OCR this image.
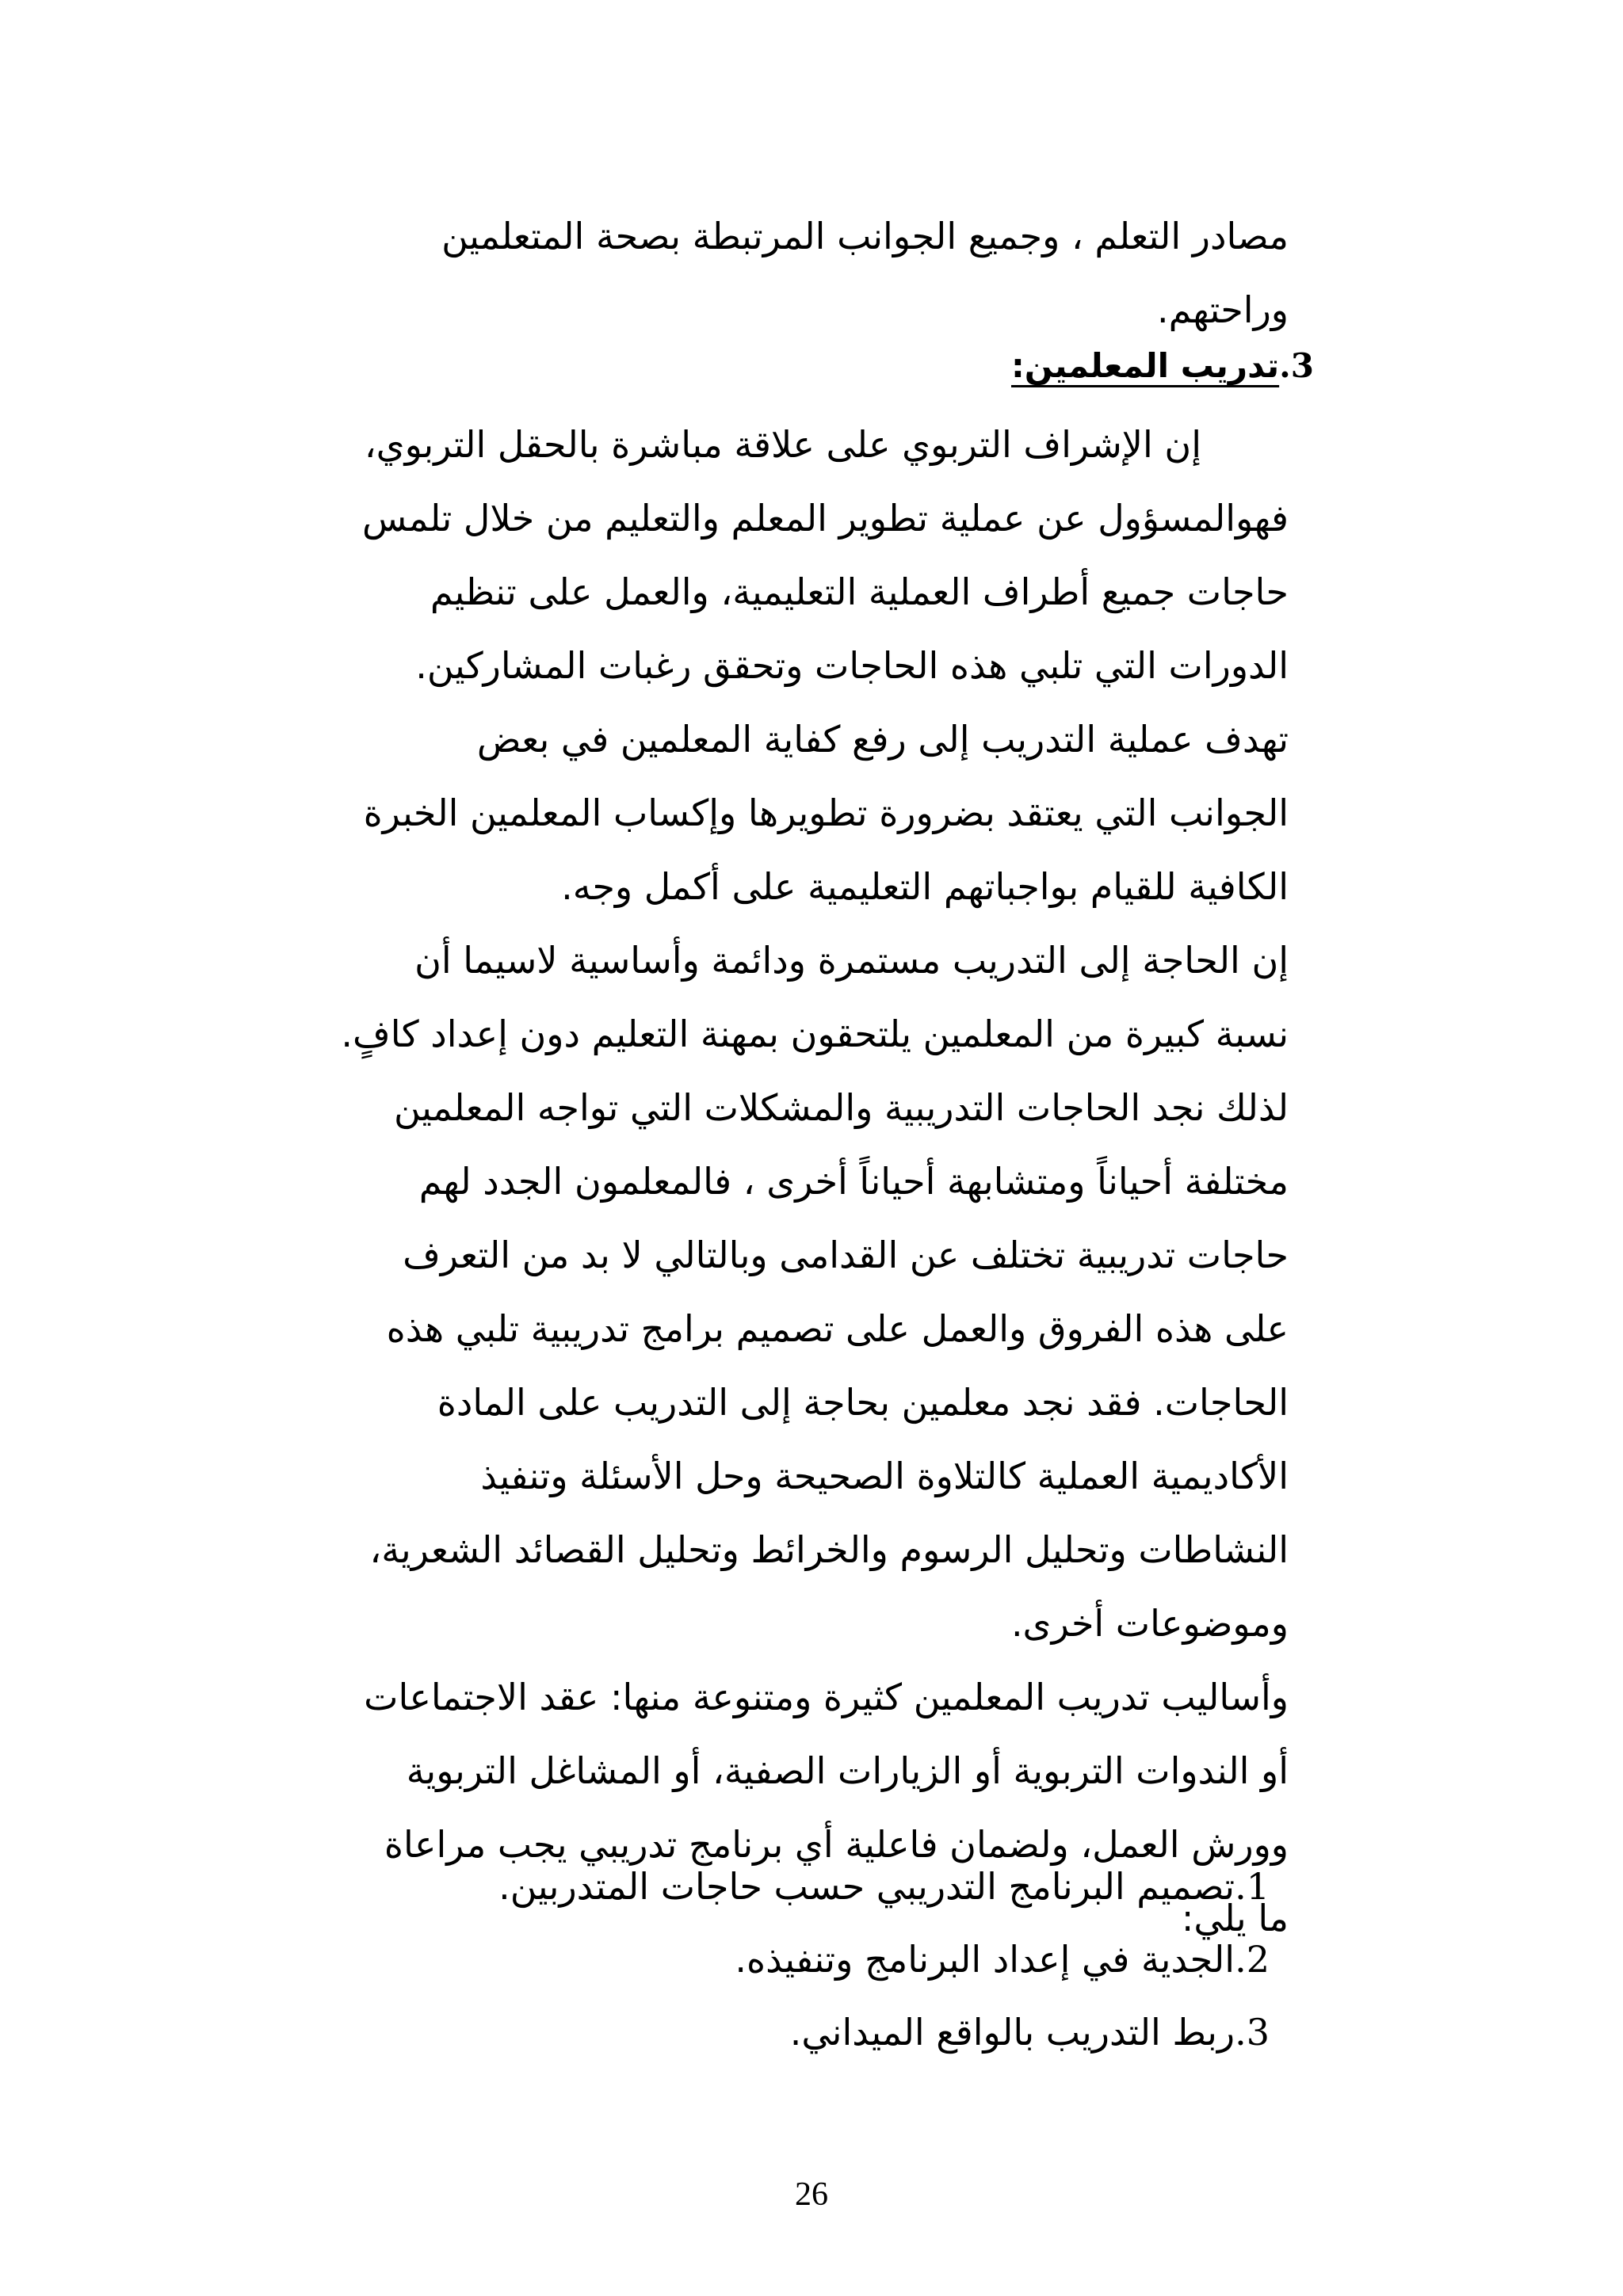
مصادر التعلم ، وجميع الجوانب المرتبطة بصحة المتعلمين
وراحتهم.
3.تدريب المعلمين:
إن الإشراف التربوي على علاقة مباشرة بالحقل التربوي،
فهوالمسؤول عن عملية تطوير المعلم والتعليم من خلال تلمس
حاجات جميع أطراف العملية التعليمية، والعمل على تنظيم
الدورات التي تلبي هذه الحاجات وتحقق رغبات المشاركين.
تهدف عملية التدريب إلى رفع كفاية المعلمين في بعض
الجوانب التي يعتقد بضرورة تطويرها وإكساب المعلمين الخبرة
الكافية للقيام بواجباتهم التعليمية على أكمل وجه.
إن الحاجة إلى التدريب مستمرة ودائمة وأساسية لاسيما أن
نسبة كبيرة من المعلمين يلتحقون بمهنة التعليم دون إعداد كافٍ.
لذلك نجد الحاجات التدريبية والمشكلات التي تواجه المعلمين
مختلفة أحياناً ومتشابهة أحياناً أخرى ، فالمعلمون الجدد لهم
حاجات تدريبية تختلف عن القدامى وبالتالي لا بد من التعرف
على هذه الفروق والعمل على تصميم برامج تدريبية تلبي هذه
الحاجات. فقد نجد معلمين بحاجة إلى التدريب على المادة
الأكاديمية العملية كالتلاوة الصحيحة وحل الأسئلة وتنفيذ
النشاطات وتحليل الرسوم والخرائط وتحليل القصائد الشعرية،
وموضوعات أخرى.
وأساليب تدريب المعلمين كثيرة ومتنوعة منها: عقد الاجتماعات
أو الندوات التربوية أو الزيارات الصفية، أو المشاغل التربوية
وورش العمل، ولضمان فاعلية أي برنامج تدريبي يجب مراعاة
ما يلي:
1.تصميم البرنامج التدريبي حسب حاجات المتدربين.
2.الجدية في إعداد البرنامج وتنفيذه.
3.ربط التدريب بالواقع الميداني.
26
